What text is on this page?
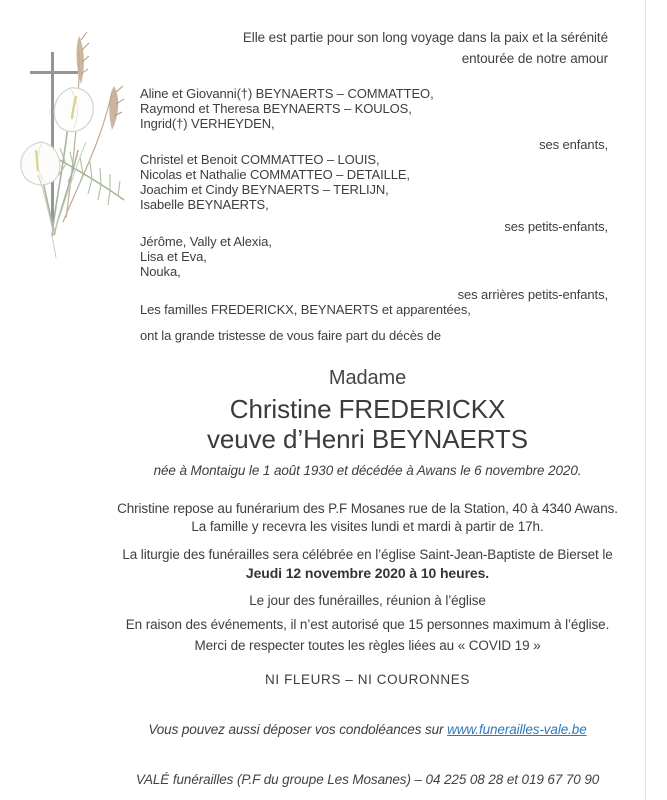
Elle est partie pour son long voyage dans la paix et la sérénité
entourée de notre amour
Aline et Giovanni(†) BEYNAERTS – COMMATTEO,
Raymond et Theresa BEYNAERTS – KOULOS,
Ingrid(†) VERHEYDEN,
ses enfants,
Christel et Benoit COMMATTEO – LOUIS,
Nicolas et Nathalie COMMATTEO – DETAILLE,
Joachim et Cindy BEYNAERTS – TERLIJN,
Isabelle BEYNAERTS,
ses petits-enfants,
Jérôme, Vally et Alexia,
Lisa et Eva,
Nouka,
ses arrières petits-enfants,
Les familles FREDERICKX, BEYNAERTS et apparentées,
ont la grande tristesse de vous faire part du décès de
Madame
Christine FREDERICKX
veuve d’Henri BEYNAERTS
née à Montaigu le 1 août 1930 et décédée à Awans le 6 novembre 2020.
Christine repose au funérarium des P.F Mosanes rue de la Station, 40 à 4340 Awans.
La famille y recevra les visites lundi et mardi à partir de 17h.
La liturgie des funérailles sera célébrée en l’église Saint-Jean-Baptiste de Bierset le
Jeudi 12 novembre 2020 à 10 heures.
Le jour des funérailles, réunion à l’église
En raison des événements, il n’est autorisé que 15 personnes maximum à l’église.
Merci de respecter toutes les règles liées au « COVID 19 »
NI FLEURS – NI COURONNES
Vous pouvez aussi déposer vos condoléances sur www.funerailles-vale.be
VALÉ funérailles (P.F du groupe Les Mosanes) – 04 225 08 28 et 019 67 70 90
